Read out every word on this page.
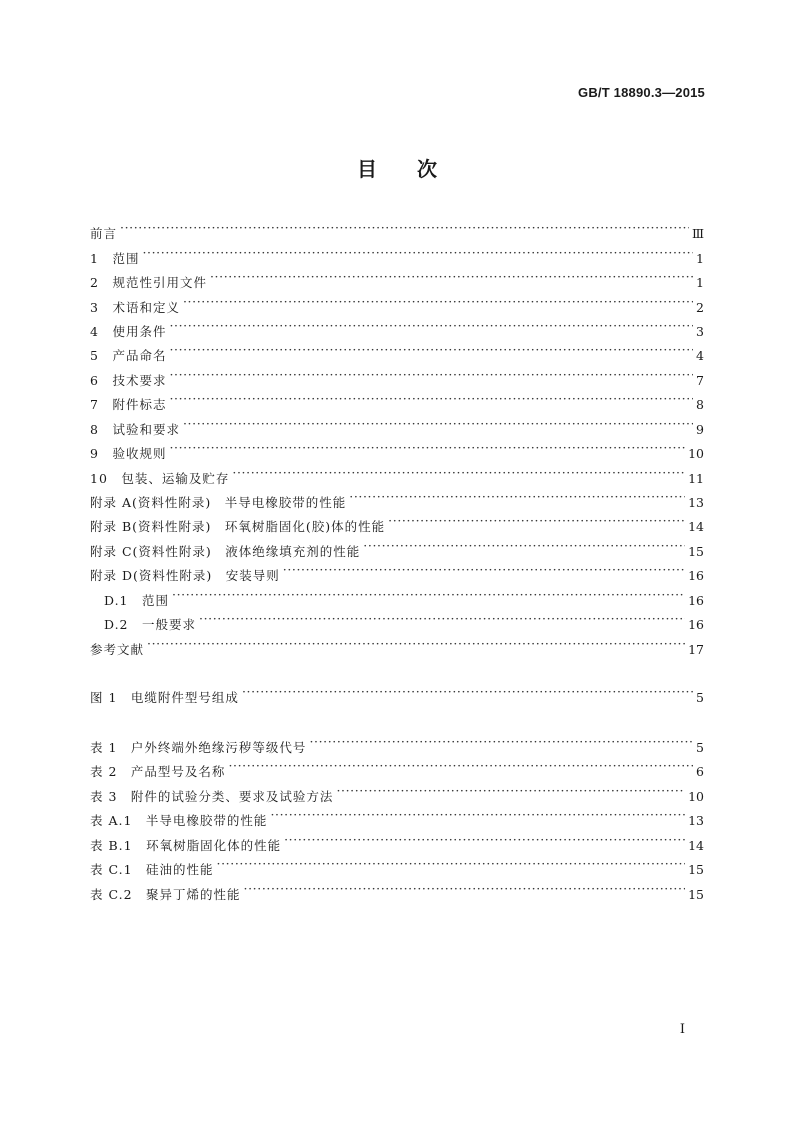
GB/T 18890.3—2015
目次
前言 ·····	Ⅲ
1　范围 ·····	1
2　规范性引用文件 ·····	1
3　术语和定义 ·····	2
4　使用条件 ·····	3
5　产品命名 ·····	4
6　技术要求 ·····	7
7　附件标志 ·····	8
8　试验和要求 ·····	9
9　验收规则 ·····	10
10　包装、运输及贮存 ·····	11
附录 A(资料性附录)　半导电橡胶带的性能 ·····	13
附录 B(资料性附录)　环氧树脂固化(胶)体的性能 ·····	14
附录 C(资料性附录)　液体绝缘填充剂的性能 ·····	15
附录 D(资料性附录)　安装导则 ·····	16
D.1　范围 ·····	16
D.2　一般要求 ·····	16
参考文献 ·····	17
图 1　电缆附件型号组成 ·····	5
表 1　户外终端外绝缘污秽等级代号 ·····	5
表 2　产品型号及名称 ·····	6
表 3　附件的试验分类、要求及试验方法 ·····	10
表 A.1　半导电橡胶带的性能 ·····	13
表 B.1　环氧树脂固化体的性能 ·····	14
表 C.1　硅油的性能 ·····	15
表 C.2　聚异丁烯的性能 ·····	15
Ⅰ
